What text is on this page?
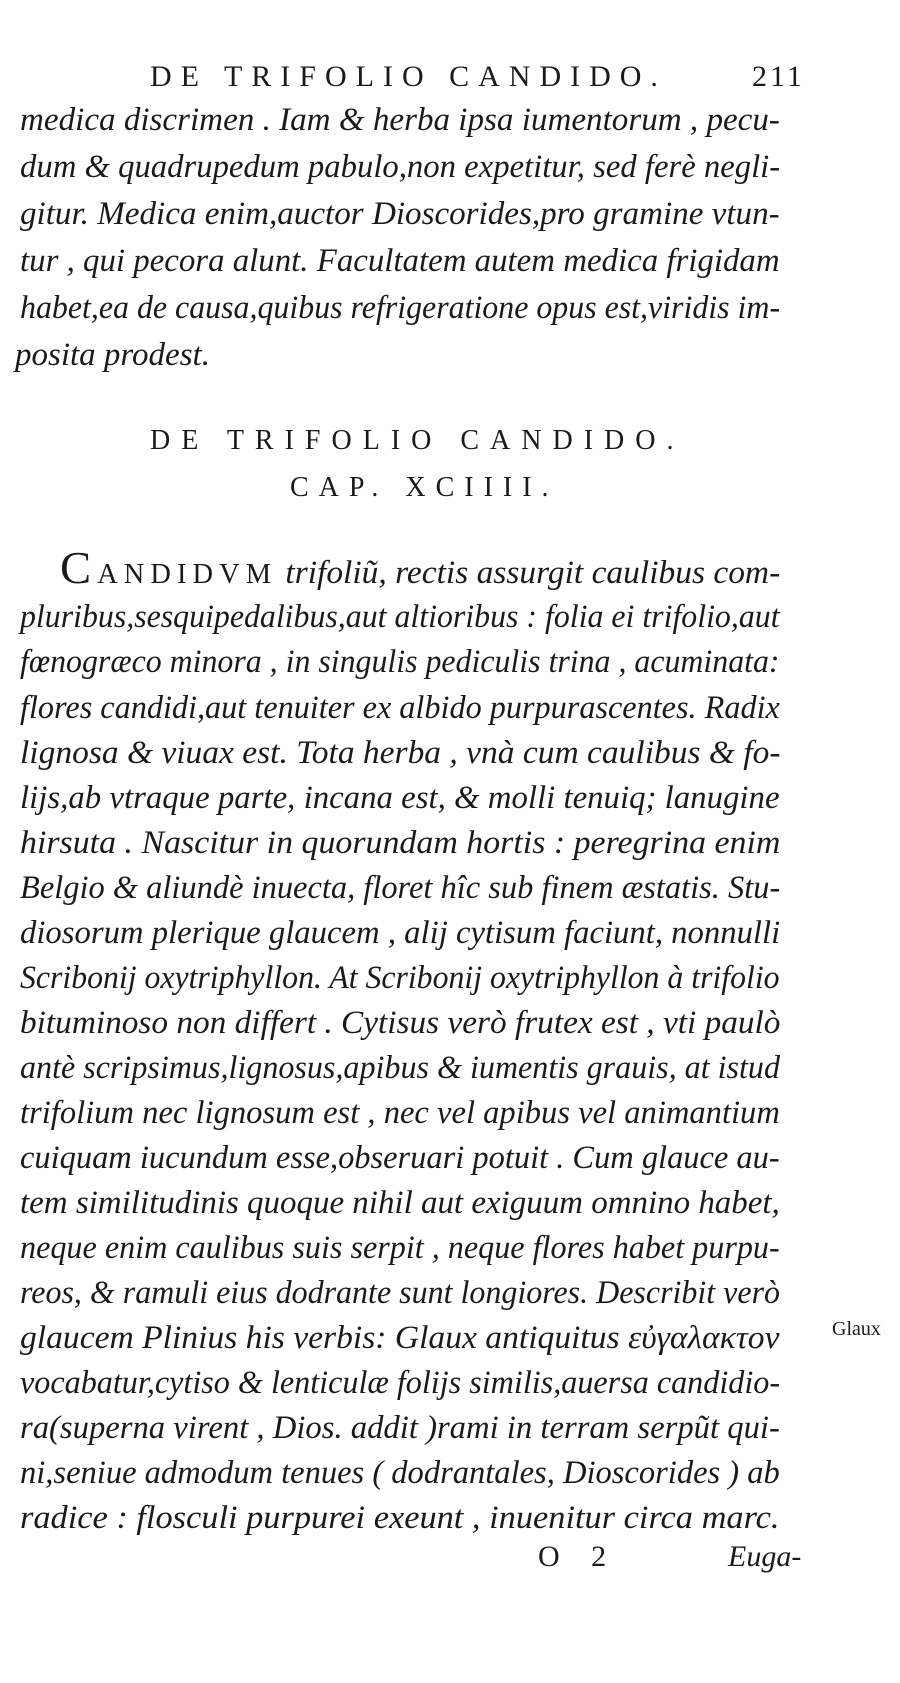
DE TRIFOLIO CANDIDO.	211
medica discrimen . Iam & herba ipsa iumentorum , pecu-
dum & quadrupedum pabulo,non expetitur, sed ferè negli-
gitur. Medica enim,auctor Dioscorides,pro gramine vtun-
tur , qui pecora alunt. Facultatem autem medica frigidam
habet,ea de causa,quibus refrigeratione opus est,viridis im-
posita prodest.
DE TRIFOLIO CANDIDO.
CAP. XCIIII.
CANDIDVM trifoliũ, rectis assurgit caulibus com-
pluribus,sesquipedalibus,aut altioribus : folia ei trifolio,aut
fœnogræco minora , in singulis pediculis trina , acuminata:
flores candidi,aut tenuiter ex albido purpurascentes. Radix
lignosa & viuax est. Tota herba , vnà cum caulibus & fo-
lijs,ab vtraque parte, incana est, & molli tenuiq; lanugine
hirsuta . Nascitur in quorundam hortis : peregrina enim
Belgio & aliundè inuecta, floret hîc sub finem æstatis. Stu-
diosorum plerique glaucem , alij cytisum faciunt, nonnulli
Scribonij oxytriphyllon. At Scribonij oxytriphyllon à trifolio
bituminoso non differt . Cytisus verò frutex est , vti paulò
antè scripsimus,lignosus,apibus & iumentis grauis, at istud
trifolium nec lignosum est , nec vel apibus vel animantium
cuiquam iucundum esse,obseruari potuit . Cum glauce au-
tem similitudinis quoque nihil aut exiguum omnino habet,
neque enim caulibus suis serpit , neque flores habet purpu-
reos, & ramuli eius dodrante sunt longiores. Describit verò
glaucem Plinius his verbis: Glaux antiquitus εὐγαλακτον
vocabatur,cytiso & lenticulæ folijs similis,auersa candidio-
ra(superna virent , Dios. addit )rami in terram serpũt qui-
ni,seniue admodum tenues ( dodrantales, Dioscorides ) ab
radice : flosculi purpurei exeunt , inuenitur circa marc.
Glaux
O 2	Euga-
